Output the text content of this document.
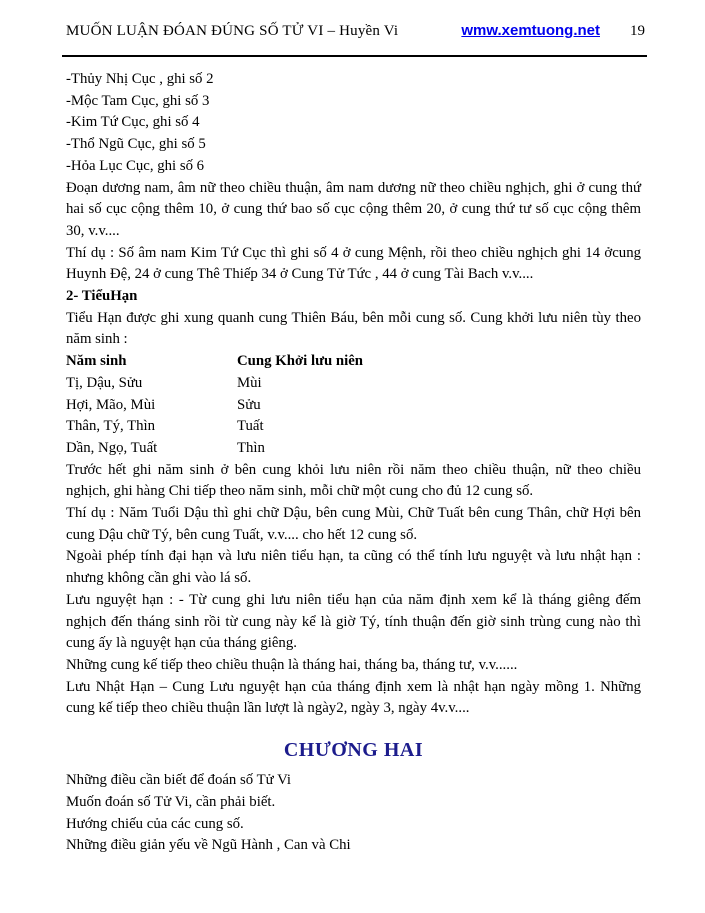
MUỐN LUẬN ĐÓAN ĐÚNG SỐ TỬ VI – Huyền Vi	wmw.xemtuong.net 19
-Thủy Nhị Cục , ghi số 2
-Mộc Tam Cục, ghi số 3
-Kim Tứ Cục, ghi số 4
-Thổ Ngũ Cục, ghi số 5
-Hỏa Lục Cục, ghi số 6

Đoạn dương nam, âm nữ theo chiều thuận, âm nam dương nữ theo chiều nghịch, ghi ở cung thứ hai số cục cộng thêm 10, ở cung thứ bao số cục cộng thêm 20, ở cung thứ tư số cục cộng thêm 30, v.v....

Thí dụ : Số âm nam Kim Tứ Cục thì ghi số 4 ở cung Mệnh, rồi theo chiều nghịch ghi 14 ởcung Huynh Đệ, 24 ở cung Thê Thiếp 34 ở Cung Tử Tức , 44 ở cung Tài Bach v.v....

2- TiểuHạn

Tiểu Hạn được ghi xung quanh cung Thiên Báu, bên mỗi cung số. Cung khởi lưu niên tùy theo năm sinh :

Năm sinh	Cung Khởi lưu niên
Tị, Dậu, Sửu	Mùi
Hợi, Mão, Mùi	Sửu
Thân, Tý, Thìn	Tuất
Dần, Ngọ, Tuất	Thìn

Trước hết ghi năm sinh ở bên cung khỏi lưu niên rồi năm theo chiều thuận, nữ theo chiều nghịch, ghi hàng Chi tiếp theo năm sinh, mỗi chữ một cung cho đủ 12 cung số.

Thí dụ : Năm Tuổi Dậu thì ghi chữ Dậu, bên cung Mùi, Chữ Tuất bên cung Thân, chữ Hợi bên cung Dậu chữ Tý, bên cung Tuất, v.v.... cho hết 12 cung số.

Ngoài phép tính đại hạn và lưu niên tiểu hạn, ta cũng có thể tính lưu nguyệt và lưu nhật hạn : nhưng không cần ghi vào lá số.

Lưu nguyệt hạn : - Từ cung ghi lưu niên tiểu hạn của năm định xem kể là tháng giêng đếm nghịch đến tháng sinh rồi từ cung này kể là giờ Tý, tính thuận đến giờ sinh trùng cung nào thì cung ấy là nguyệt hạn của tháng giêng.

Những cung kế tiếp theo chiều thuận là tháng hai, tháng ba, tháng tư, v.v......

Lưu Nhật Hạn – Cung Lưu nguyệt hạn của tháng định xem là nhật hạn ngày mồng 1. Những cung kế tiếp theo chiều thuận lần lượt là ngày2, ngày 3, ngày 4v.v....

CHƯƠNG HAI
Những điều cần biết để đoán số Tử Vi
Muốn đoán số Tử Vi, cần phải biết.
Hướng chiếu của các cung số.
Những điều giản yếu về Ngũ Hành , Can và Chi
